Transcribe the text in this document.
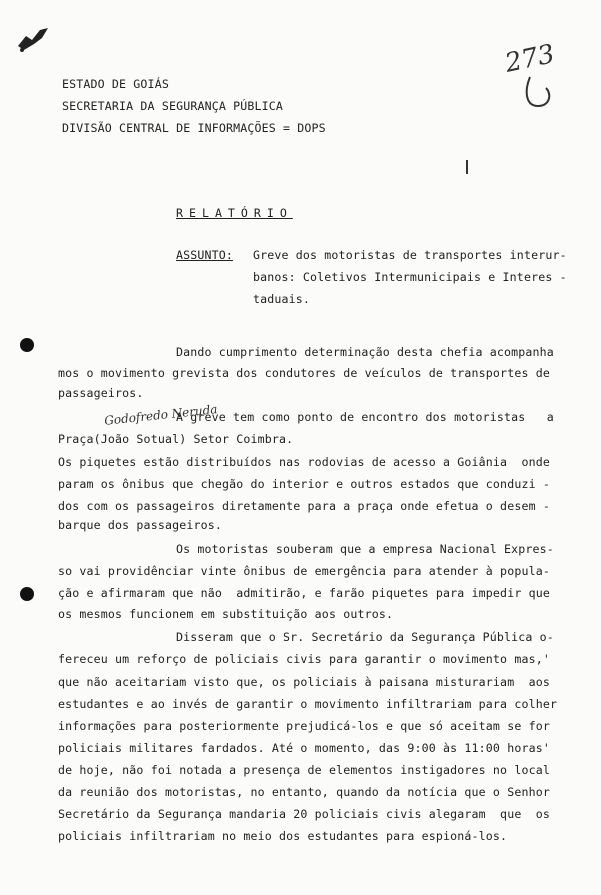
273
ESTADO DE GOIÁS
SECRETARIA DA SEGURANÇA PÚBLICA
DIVISÃO CENTRAL DE INFORMAÇÕES = DOPS
RELATÓRIO
ASSUNTO: Greve dos motoristas de transportes interur-
banos: Coletivos Intermunicipais e Interes -
taduais.
Godofredo Neruda
Dando cumprimento determinação desta chefia acompanha
mos o movimento grevista dos condutores de veículos de transportes de
passageiros.
A greve tem como ponto de encontro dos motoristas   a
Praça(João Sotual) Setor Coimbra.
Os piquetes estão distribuídos nas rodovias de acesso a Goiânia  onde
param os ônibus que chegão do interior e outros estados que conduzi -
dos com os passageiros diretamente para a praça onde efetua o desem -
barque dos passageiros.
Os motoristas souberam que a empresa Nacional Expres-
so vai providênciar vinte ônibus de emergência para atender à popula-
ção e afirmaram que não  admitirão, e farão piquetes para impedir que
os mesmos funcionem em substituição aos outros.
Disseram que o Sr. Secretário da Segurança Pública o-
fereceu um reforço de policiais civis para garantir o movimento mas,'
que não aceitariam visto que, os policiais à paisana misturariam  aos
estudantes e ao invés de garantir o movimento infiltrariam para colher
informações para posteriormente prejudicá-los e que só aceitam se for
policiais militares fardados. Até o momento, das 9:00 às 11:00 horas'
de hoje, não foi notada a presença de elementos instigadores no local
da reunião dos motoristas, no entanto, quando da notícia que o Senhor
Secretário da Segurança mandaria 20 policiais civis alegaram  que  os
policiais infiltrariam no meio dos estudantes para espioná-los.
